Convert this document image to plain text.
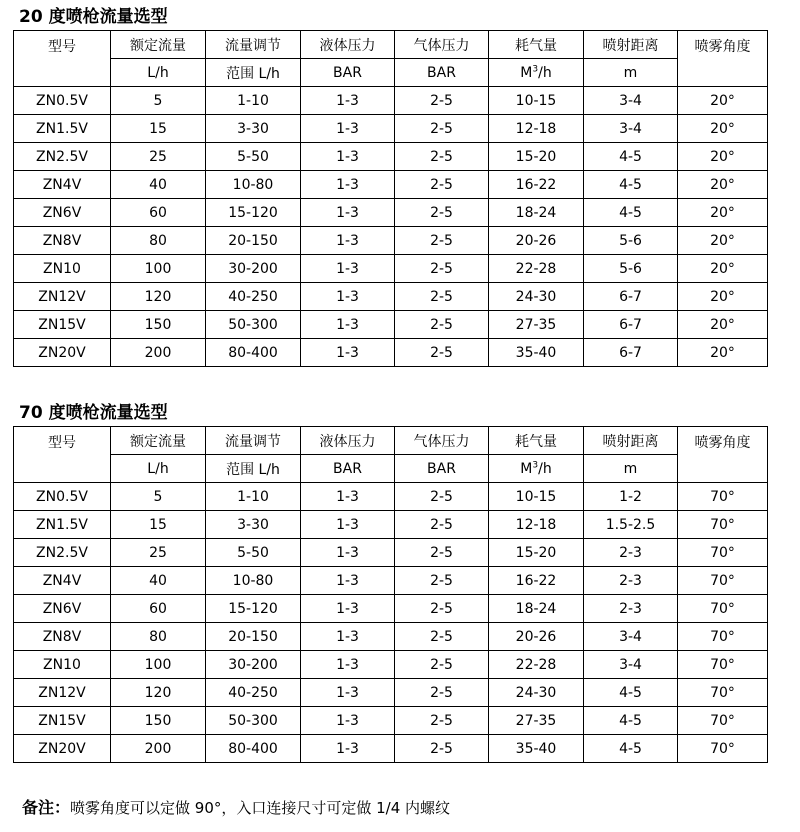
20 度喷枪流量选型
型号	额定流量	流量调节	液体压力	气体压力	耗气量	喷射距离	喷雾角度
	L/h	范围 L/h	BAR	BAR	$M^3/h$	m	
ZN0.5V	5	1-10	1-3	2-5	10-15	3-4	20°
ZN1.5V	15	3-30	1-3	2-5	12-18	3-4	20°
ZN2.5V	25	5-50	1-3	2-5	15-20	4-5	20°
ZN4V	40	10-80	1-3	2-5	16-22	4-5	20°
ZN6V	60	15-120	1-3	2-5	18-24	4-5	20°
ZN8V	80	20-150	1-3	2-5	20-26	5-6	20°
ZN10	100	30-200	1-3	2-5	22-28	5-6	20°
ZN12V	120	40-250	1-3	2-5	24-30	6-7	20°
ZN15V	150	50-300	1-3	2-5	27-35	6-7	20°
ZN20V	200	80-400	1-3	2-5	35-40	6-7	20°
70 度喷枪流量选型
型号	额定流量	流量调节	液体压力	气体压力	耗气量	喷射距离	喷雾角度
	L/h	范围 L/h	BAR	BAR	$M^3/h$	m	
ZN0.5V	5	1-10	1-3	2-5	10-15	1-2	70°
ZN1.5V	15	3-30	1-3	2-5	12-18	1.5-2.5	70°
ZN2.5V	25	5-50	1-3	2-5	15-20	2-3	70°
ZN4V	40	10-80	1-3	2-5	16-22	2-3	70°
ZN6V	60	15-120	1-3	2-5	18-24	2-3	70°
ZN8V	80	20-150	1-3	2-5	20-26	3-4	70°
ZN10	100	30-200	1-3	2-5	22-28	3-4	70°
ZN12V	120	40-250	1-3	2-5	24-30	4-5	70°
ZN15V	150	50-300	1-3	2-5	27-35	4-5	70°
ZN20V	200	80-400	1-3	2-5	35-40	4-5	70°
备注：喷雾角度可以定做 90°，入口连接尺寸可定做 1/4 内螺纹
